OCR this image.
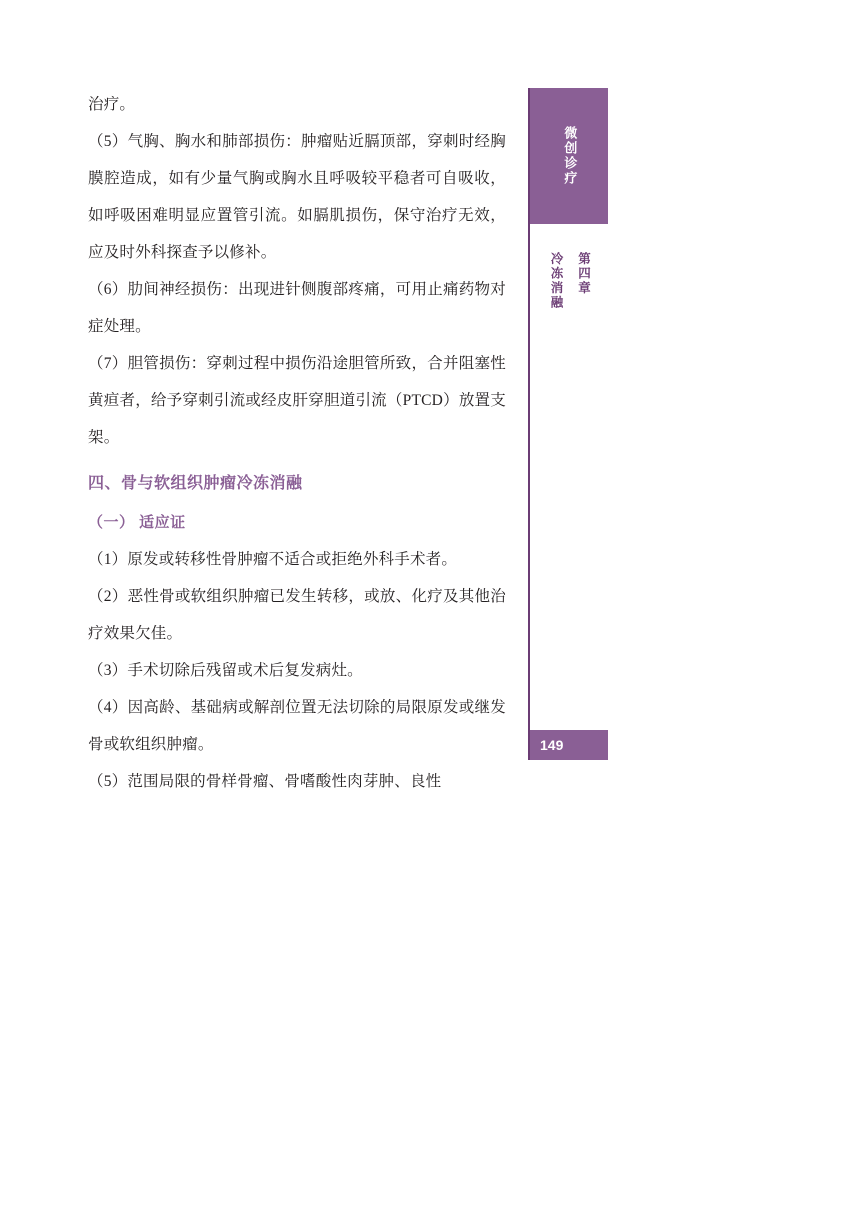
微创诊疗
第四章
冷冻消融
149

治疗。

（5）气胸、胸水和肺部损伤：肿瘤贴近膈顶部，穿刺时经胸膜腔造成，如有少量气胸或胸水且呼吸较平稳者可自吸收，如呼吸困难明显应置管引流。如膈肌损伤，保守治疗无效，应及时外科探查予以修补。

（6）肋间神经损伤：出现进针侧腹部疼痛，可用止痛药物对症处理。

（7）胆管损伤：穿刺过程中损伤沿途胆管所致，合并阻塞性黄疸者，给予穿刺引流或经皮肝穿胆道引流（PTCD）放置支架。

四、骨与软组织肿瘤冷冻消融
（一） 适应证

（1）原发或转移性骨肿瘤不适合或拒绝外科手术者。

（2）恶性骨或软组织肿瘤已发生转移，或放、化疗及其他治疗效果欠佳。

（3）手术切除后残留或术后复发病灶。

（4）因高龄、基础病或解剖位置无法切除的局限原发或继发骨或软组织肿瘤。

（5）范围局限的骨样骨瘤、骨嗜酸性肉芽肿、良性
